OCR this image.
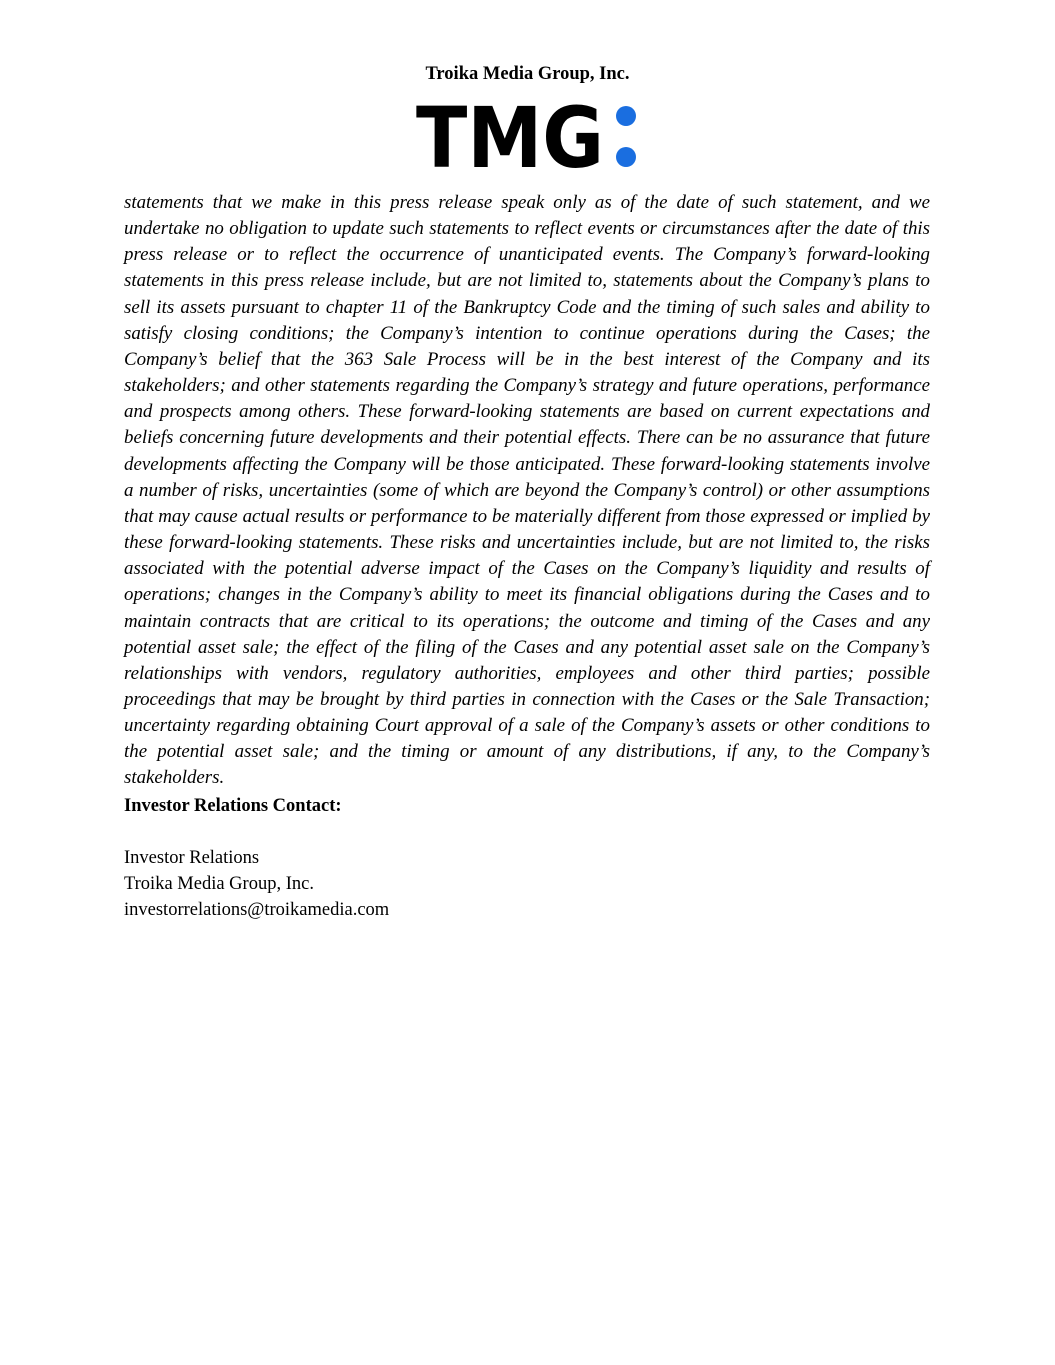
Troika Media Group, Inc.
TMG

statements that we make in this press release speak only as of the date of such statement, and we undertake no obligation to update such statements to reflect events or circumstances after the date of this press release or to reflect the occurrence of unanticipated events. The Company’s forward-looking statements in this press release include, but are not limited to, statements about the Company’s plans to sell its assets pursuant to chapter 11 of the Bankruptcy Code and the timing of such sales and ability to satisfy closing conditions; the Company’s intention to continue operations during the Cases; the Company’s belief that the 363 Sale Process will be in the best interest of the Company and its stakeholders; and other statements regarding the Company’s strategy and future operations, performance and prospects among others. These forward-looking statements are based on current expectations and beliefs concerning future developments and their potential effects. There can be no assurance that future developments affecting the Company will be those anticipated. These forward-looking statements involve a number of risks, uncertainties (some of which are beyond the Company’s control) or other assumptions that may cause actual results or performance to be materially different from those expressed or implied by these forward-looking statements. These risks and uncertainties include, but are not limited to, the risks associated with the potential adverse impact of the Cases on the Company’s liquidity and results of operations; changes in the Company’s ability to meet its financial obligations during the Cases and to maintain contracts that are critical to its operations; the outcome and timing of the Cases and any potential asset sale; the effect of the filing of the Cases and any potential asset sale on the Company’s relationships with vendors, regulatory authorities, employees and other third parties; possible proceedings that may be brought by third parties in connection with the Cases or the Sale Transaction; uncertainty regarding obtaining Court approval of a sale of the Company’s assets or other conditions to the potential asset sale; and the timing or amount of any distributions, if any, to the Company’s stakeholders.

Investor Relations Contact:

Investor Relations
Troika Media Group, Inc.
investorrelations@troikamedia.com
